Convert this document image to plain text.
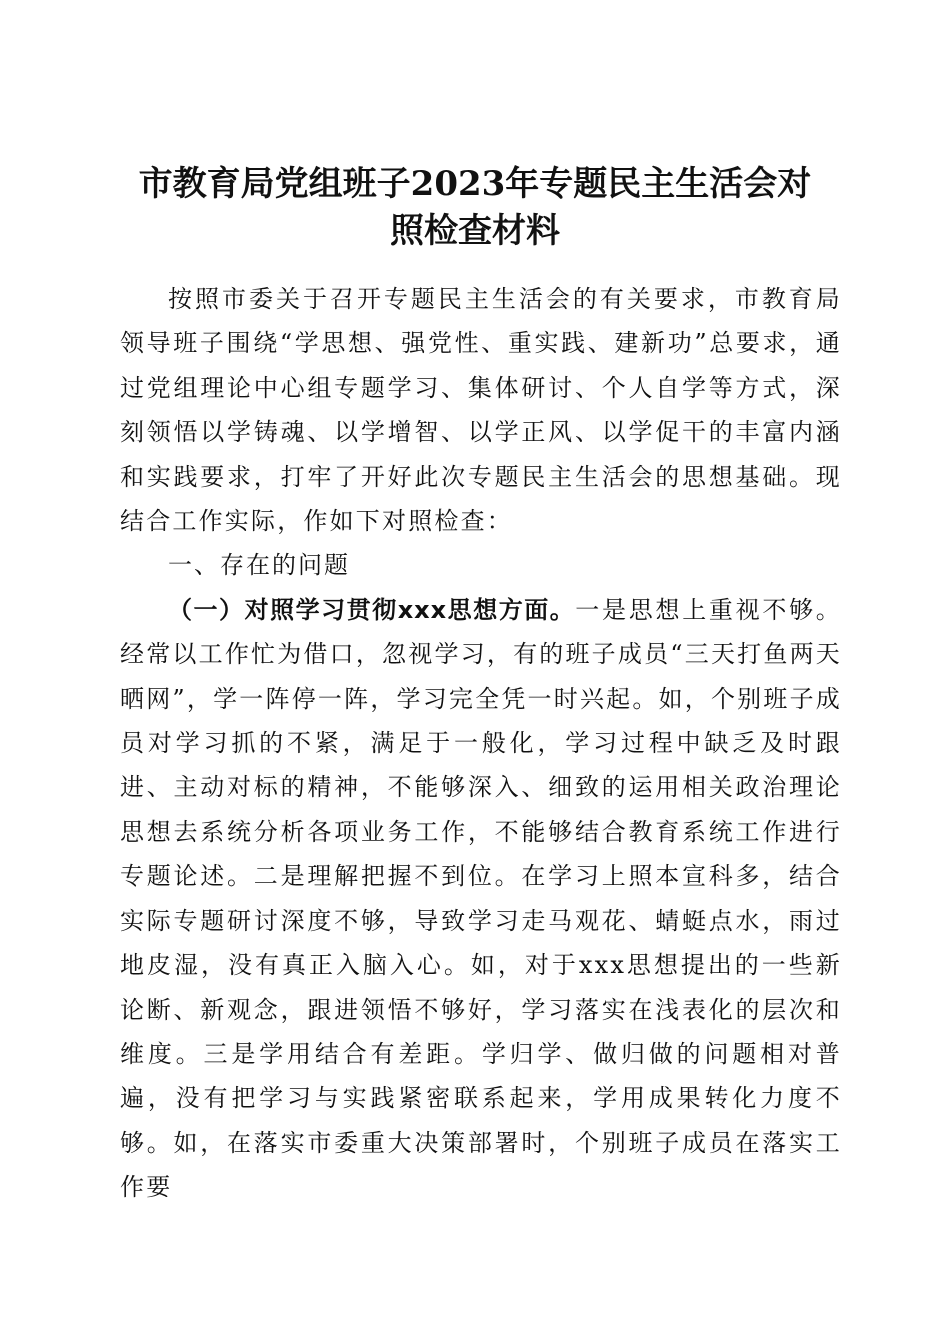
市教育局党组班子2023年专题民主生活会对
照检查材料

按照市委关于召开专题民主生活会的有关要求，市教育局领导班子围绕“学思想、强党性、重实践、建新功”总要求，通过党组理论中心组专题学习、集体研讨、个人自学等方式，深刻领悟以学铸魂、以学增智、以学正风、以学促干的丰富内涵和实践要求，打牢了开好此次专题民主生活会的思想基础。现结合工作实际，作如下对照检查：

一、存在的问题

（一）对照学习贯彻xxx思想方面。一是思想上重视不够。经常以工作忙为借口，忽视学习，有的班子成员“三天打鱼两天晒网”，学一阵停一阵，学习完全凭一时兴起。如，个别班子成员对学习抓的不紧，满足于一般化，学习过程中缺乏及时跟进、主动对标的精神，不能够深入、细致的运用相关政治理论思想去系统分析各项业务工作，不能够结合教育系统工作进行专题论述。二是理解把握不到位。在学习上照本宣科多，结合实际专题研讨深度不够，导致学习走马观花、蜻蜓点水，雨过地皮湿，没有真正入脑入心。如，对于xxx思想提出的一些新论断、新观念，跟进领悟不够好，学习落实在浅表化的层次和维度。三是学用结合有差距。学归学、做归做的问题相对普遍，没有把学习与实践紧密联系起来，学用成果转化力度不够。如，在落实市委重大决策部署时，个别班子成员在落实工作要
